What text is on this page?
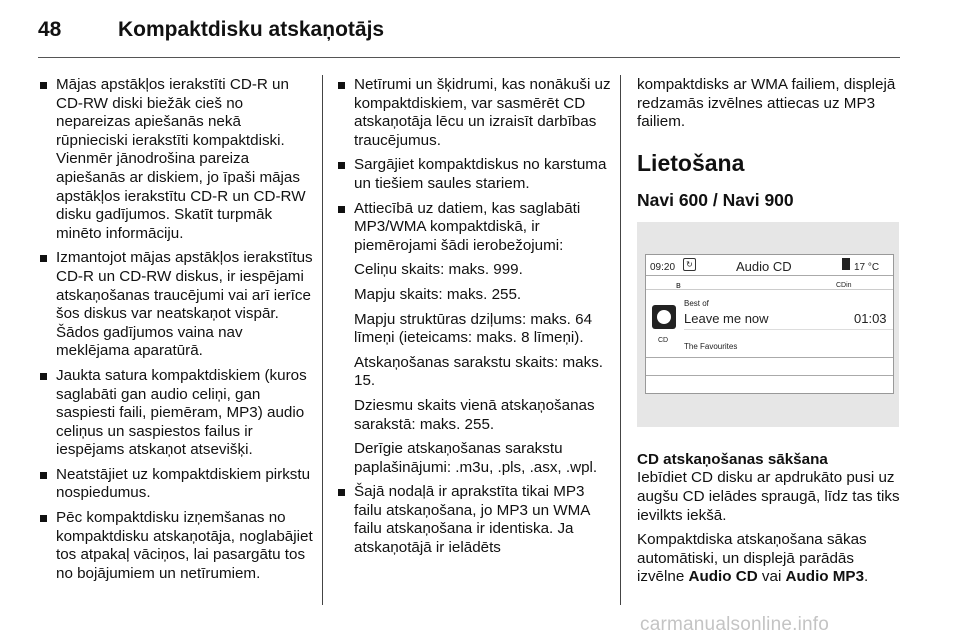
48	Kompaktdisku atskaņotājs
Mājas apstākļos ierakstīti CD-R un CD-RW diski biežāk cieš no nepareizas apiešanās nekā rūpnieciski ierakstīti kompaktdiski. Vienmēr jānodrošina pareiza apiešanās ar diskiem, jo īpaši mājas apstākļos ierakstītu CD-R un CD-RW disku gadījumos. Skatīt turpmāk minēto informāciju.
Izmantojot mājas apstākļos ierakstītus CD-R un CD-RW diskus, ir iespējami atskaņošanas traucējumi vai arī ierīce šos diskus var neatskaņot vispār. Šādos gadījumos vaina nav meklējama aparatūrā.
Jaukta satura kompaktdiskiem (kuros saglabāti gan audio celiņi, gan saspiesti faili, piemēram, MP3) audio celiņus un saspiestos failus ir iespējams atskaņot atsevišķi.
Neatstājiet uz kompaktdiskiem pirkstu nospiedumus.
Pēc kompaktdisku izņemšanas no kompaktdisku atskaņotāja, noglabājiet tos atpakaļ vāciņos, lai pasargātu tos no bojājumiem un netīrumiem.
Netīrumi un šķidrumi, kas nonākuši uz kompaktdiskiem, var sasmērēt CD atskaņotāja lēcu un izraisīt darbības traucējumus.
Sargājiet kompaktdiskus no karstuma un tiešiem saules stariem.
Attiecībā uz datiem, kas saglabāti MP3/WMA kompaktdiskā, ir piemērojami šādi ierobežojumi:
Celiņu skaits: maks. 999.
Mapju skaits: maks. 255.
Mapju struktūras dziļums: maks. 64 līmeņi (ieteicams: maks. 8 līmeņi).
Atskaņošanas sarakstu skaits: maks. 15.
Dziesmu skaits vienā atskaņošanas sarakstā: maks. 255.
Derīgie atskaņošanas sarakstu paplašinājumi: .m3u, .pls, .asx, .wpl.
Šajā nodaļā ir aprakstīta tikai MP3 failu atskaņošana, jo MP3 un WMA failu atskaņošana ir identiska. Ja atskaņotājā ir ielādēts
kompaktdisks ar WMA failiem, displejā redzamās izvēlnes attiecas uz MP3 failiem.
Lietošana
Navi 600 / Navi 900
09:20	↻	Audio CD	17 °C
ʙ	CDin
CD
Best of
Leave me now	01:03
The Favourites
CD atskaņošanas sākšana
Iebīdiet CD disku ar apdrukāto pusi uz augšu CD ielādes spraugā, līdz tas tiks ievilkts iekšā.
Kompaktdiska atskaņošana sākas automātiski, un displejā parādās izvēlne Audio CD vai Audio MP3.
carmanualsonline.info
